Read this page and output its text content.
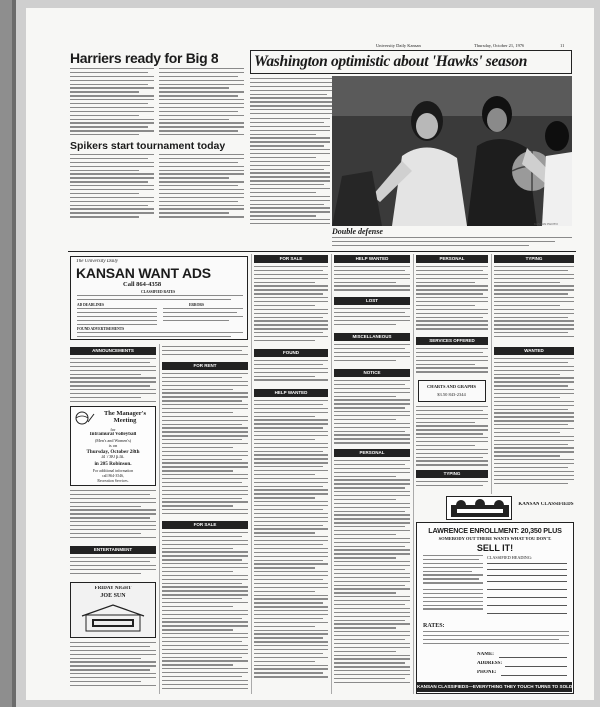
University Daily Kansan	Thursday, October 21, 1976	11
Harriers ready for Big 8
Spikers start tournament today
Washington optimistic about 'Hawks' season
KANSAN PHOTO
Double defense
The University Daily
KANSAN WANT ADS
Call 864-4358
CLASSIFIED RATES
AD DEADLINES	ERRORS
FOUND ADVERTISEMENTS
ANNOUNCEMENTS
The Manager's Meeting
for
Intramural Volleyball
(Men's and Women's)
is on
Thursday, October 28th
at 7:00 p.m.
in 205 Robinson.
For additional information
call 864-3546,
Recreation Services.
ENTERTAINMENT
FRIDAY NIGHT
JOE SUN
FOR RENT
FOR SALE
FOR SALE
FOUND
HELP WANTED
HELP WANTED
LOST
MISCELLANEOUS
NOTICE
PERSONAL
PERSONAL
SERVICES OFFERED
CHARTS AND GRAPHS
$3.50 843-2344
TYPING
TYPING
WANTED
KANSAN CLASSIFIEDS
LAWRENCE ENROLLMENT: 20,350 PLUS
SOMEBODY OUT THERE WANTS WHAT YOU DON'T.
SELL IT!
CLASSIFIED HEADING:
RATES:
NAME:
ADDRESS:
PHONE:
KANSAN CLASSIFIEDS—EVERYTHING THEY TOUCH TURNS TO SOLD
